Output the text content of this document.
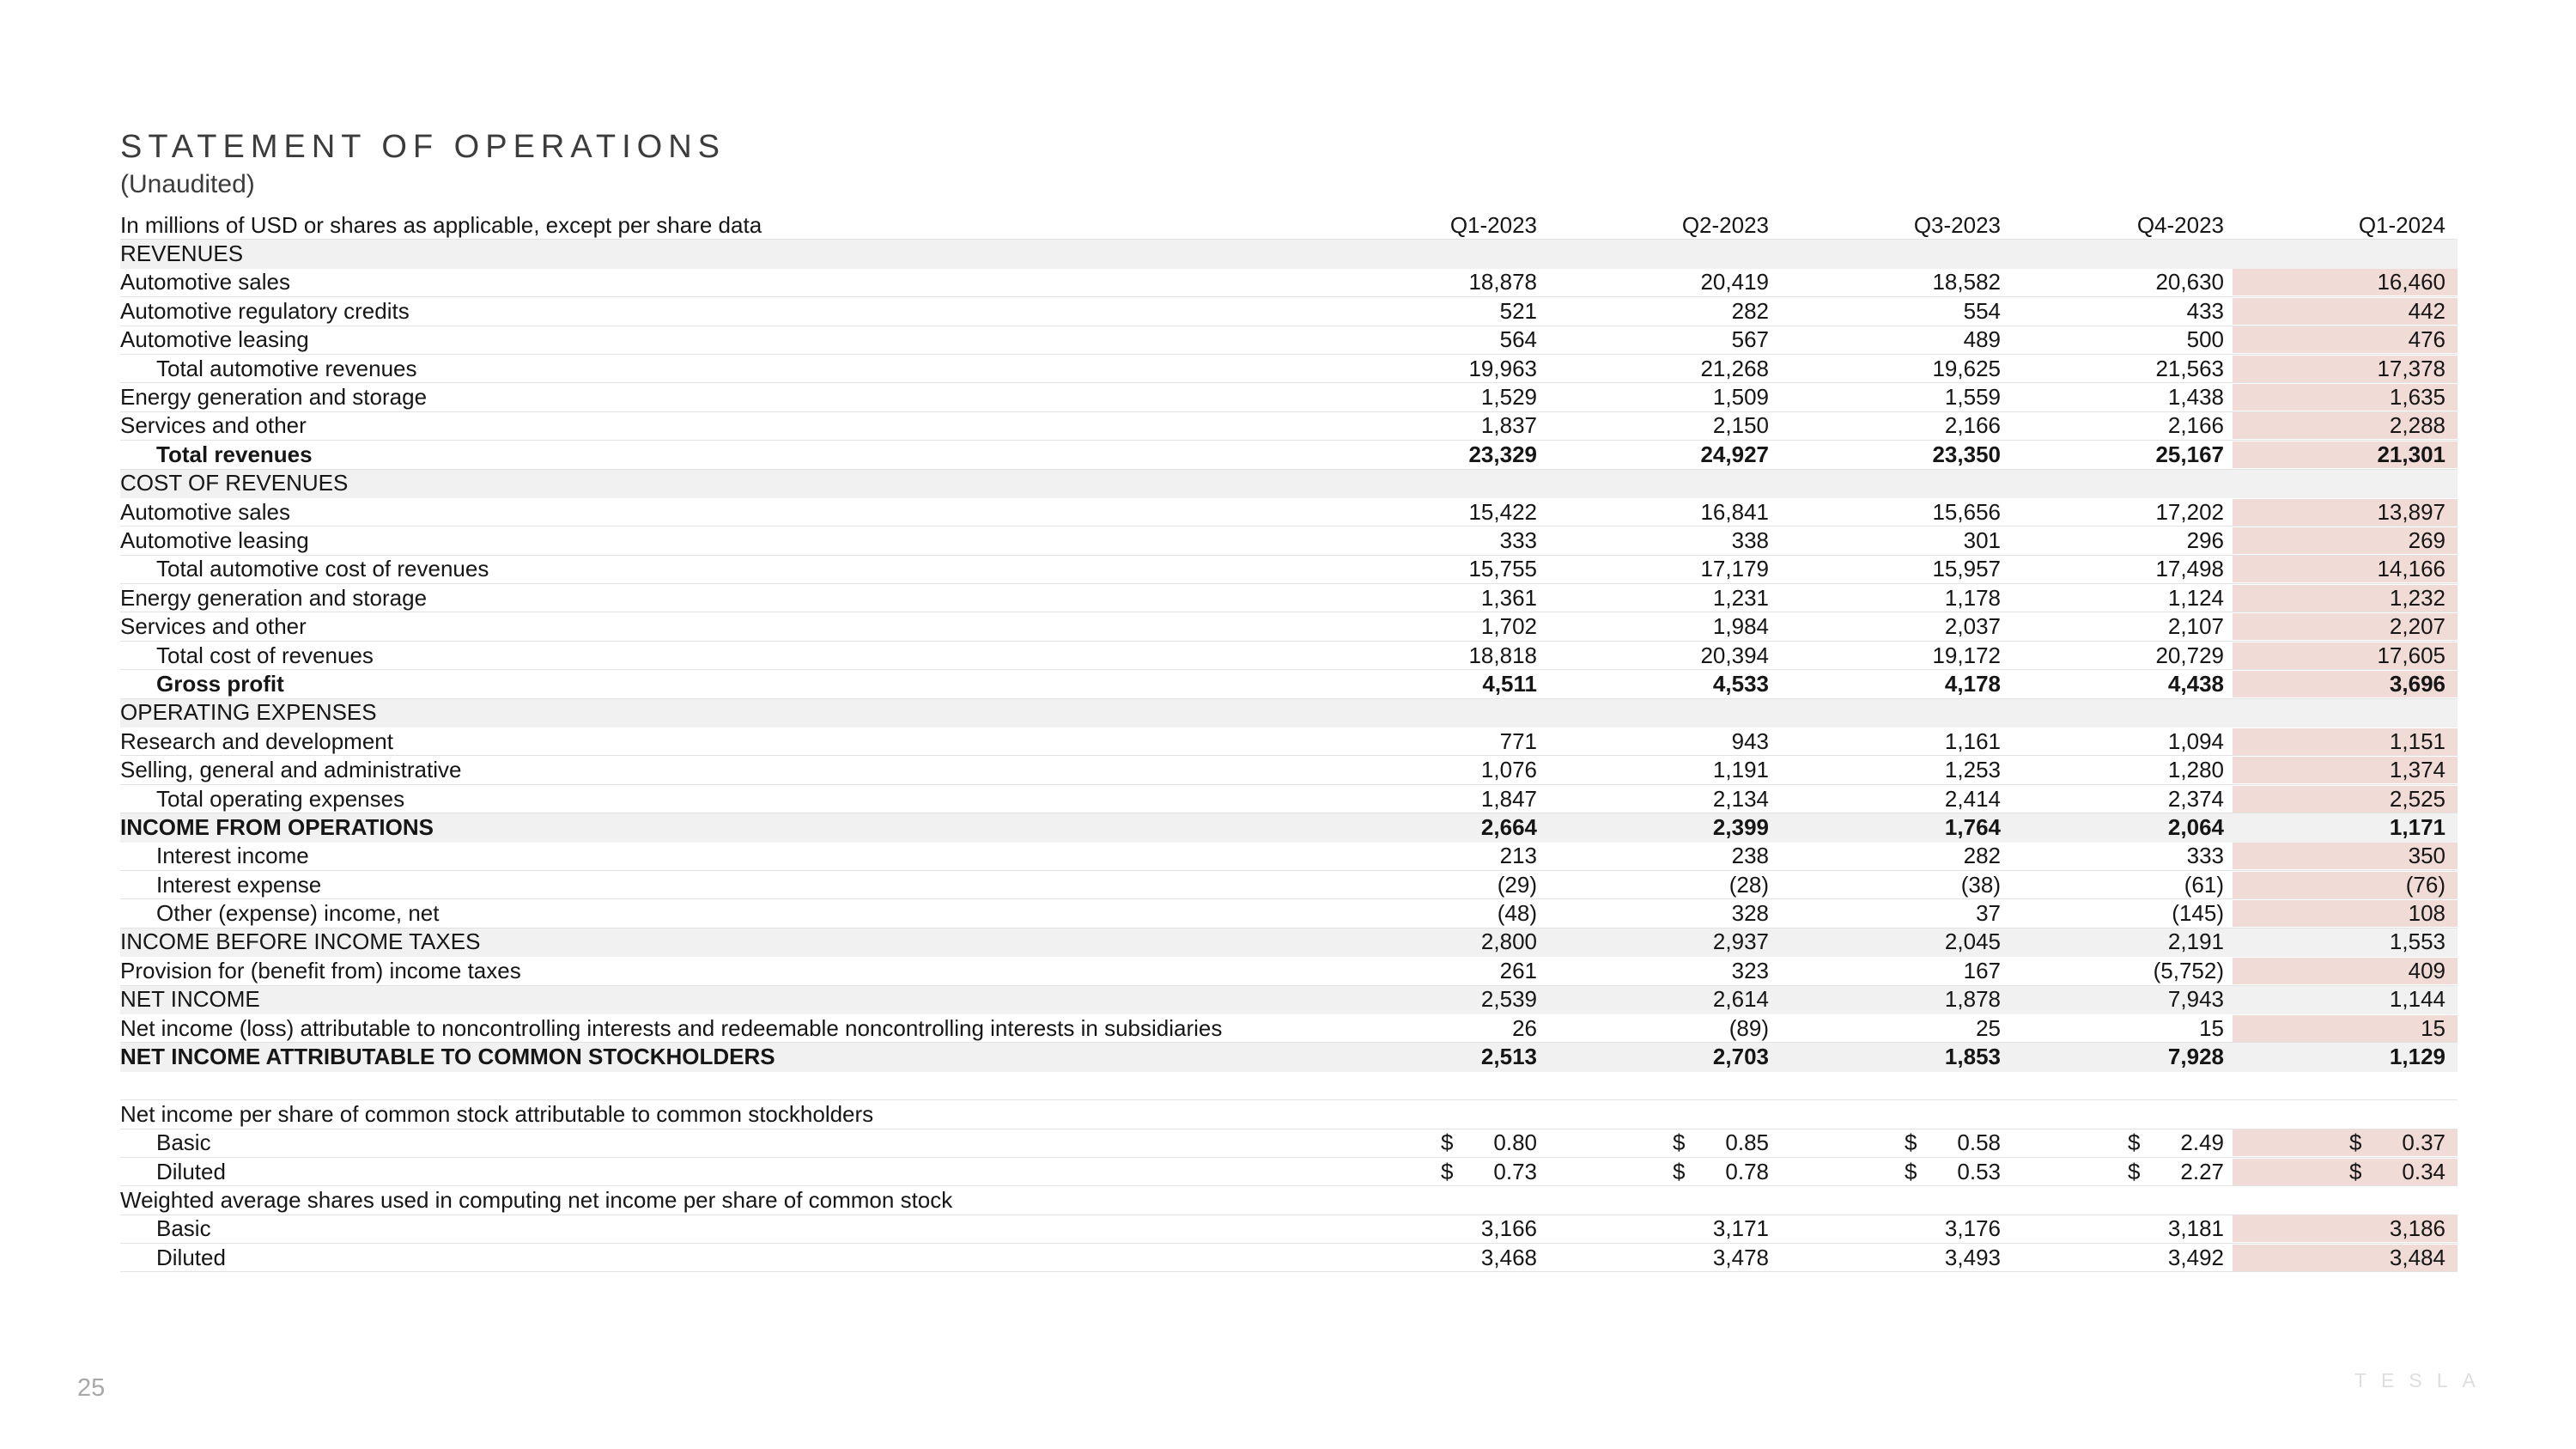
STATEMENT OF OPERATIONS
(Unaudited)
In millions of USD or shares as applicable, except per share data	Q1-2023	Q2-2023	Q3-2023	Q4-2023	Q1-2024
REVENUES
Automotive sales	18,878	20,419	18,582	20,630	16,460
Automotive regulatory credits	521	282	554	433	442
Automotive leasing	564	567	489	500	476
Total automotive revenues	19,963	21,268	19,625	21,563	17,378
Energy generation and storage	1,529	1,509	1,559	1,438	1,635
Services and other	1,837	2,150	2,166	2,166	2,288
Total revenues	23,329	24,927	23,350	25,167	21,301
COST OF REVENUES
Automotive sales	15,422	16,841	15,656	17,202	13,897
Automotive leasing	333	338	301	296	269
Total automotive cost of revenues	15,755	17,179	15,957	17,498	14,166
Energy generation and storage	1,361	1,231	1,178	1,124	1,232
Services and other	1,702	1,984	2,037	2,107	2,207
Total cost of revenues	18,818	20,394	19,172	20,729	17,605
Gross profit	4,511	4,533	4,178	4,438	3,696
OPERATING EXPENSES
Research and development	771	943	1,161	1,094	1,151
Selling, general and administrative	1,076	1,191	1,253	1,280	1,374
Total operating expenses	1,847	2,134	2,414	2,374	2,525
INCOME FROM OPERATIONS	2,664	2,399	1,764	2,064	1,171
Interest income	213	238	282	333	350
Interest expense	(29)	(28)	(38)	(61)	(76)
Other (expense) income, net	(48)	328	37	(145)	108
INCOME BEFORE INCOME TAXES	2,800	2,937	2,045	2,191	1,553
Provision for (benefit from) income taxes	261	323	167	(5,752)	409
NET INCOME	2,539	2,614	1,878	7,943	1,144
Net income (loss) attributable to noncontrolling interests and redeemable noncontrolling interests in subsidiaries	26	(89)	25	15	15
NET INCOME ATTRIBUTABLE TO COMMON STOCKHOLDERS	2,513	2,703	1,853	7,928	1,129
Net income per share of common stock attributable to common stockholders
Basic	$ 0.80	$ 0.85	$ 0.58	$ 2.49	$ 0.37
Diluted	$ 0.73	$ 0.78	$ 0.53	$ 2.27	$ 0.34
Weighted average shares used in computing net income per share of common stock
Basic	3,166	3,171	3,176	3,181	3,186
Diluted	3,468	3,478	3,493	3,492	3,484
25	TESLA
